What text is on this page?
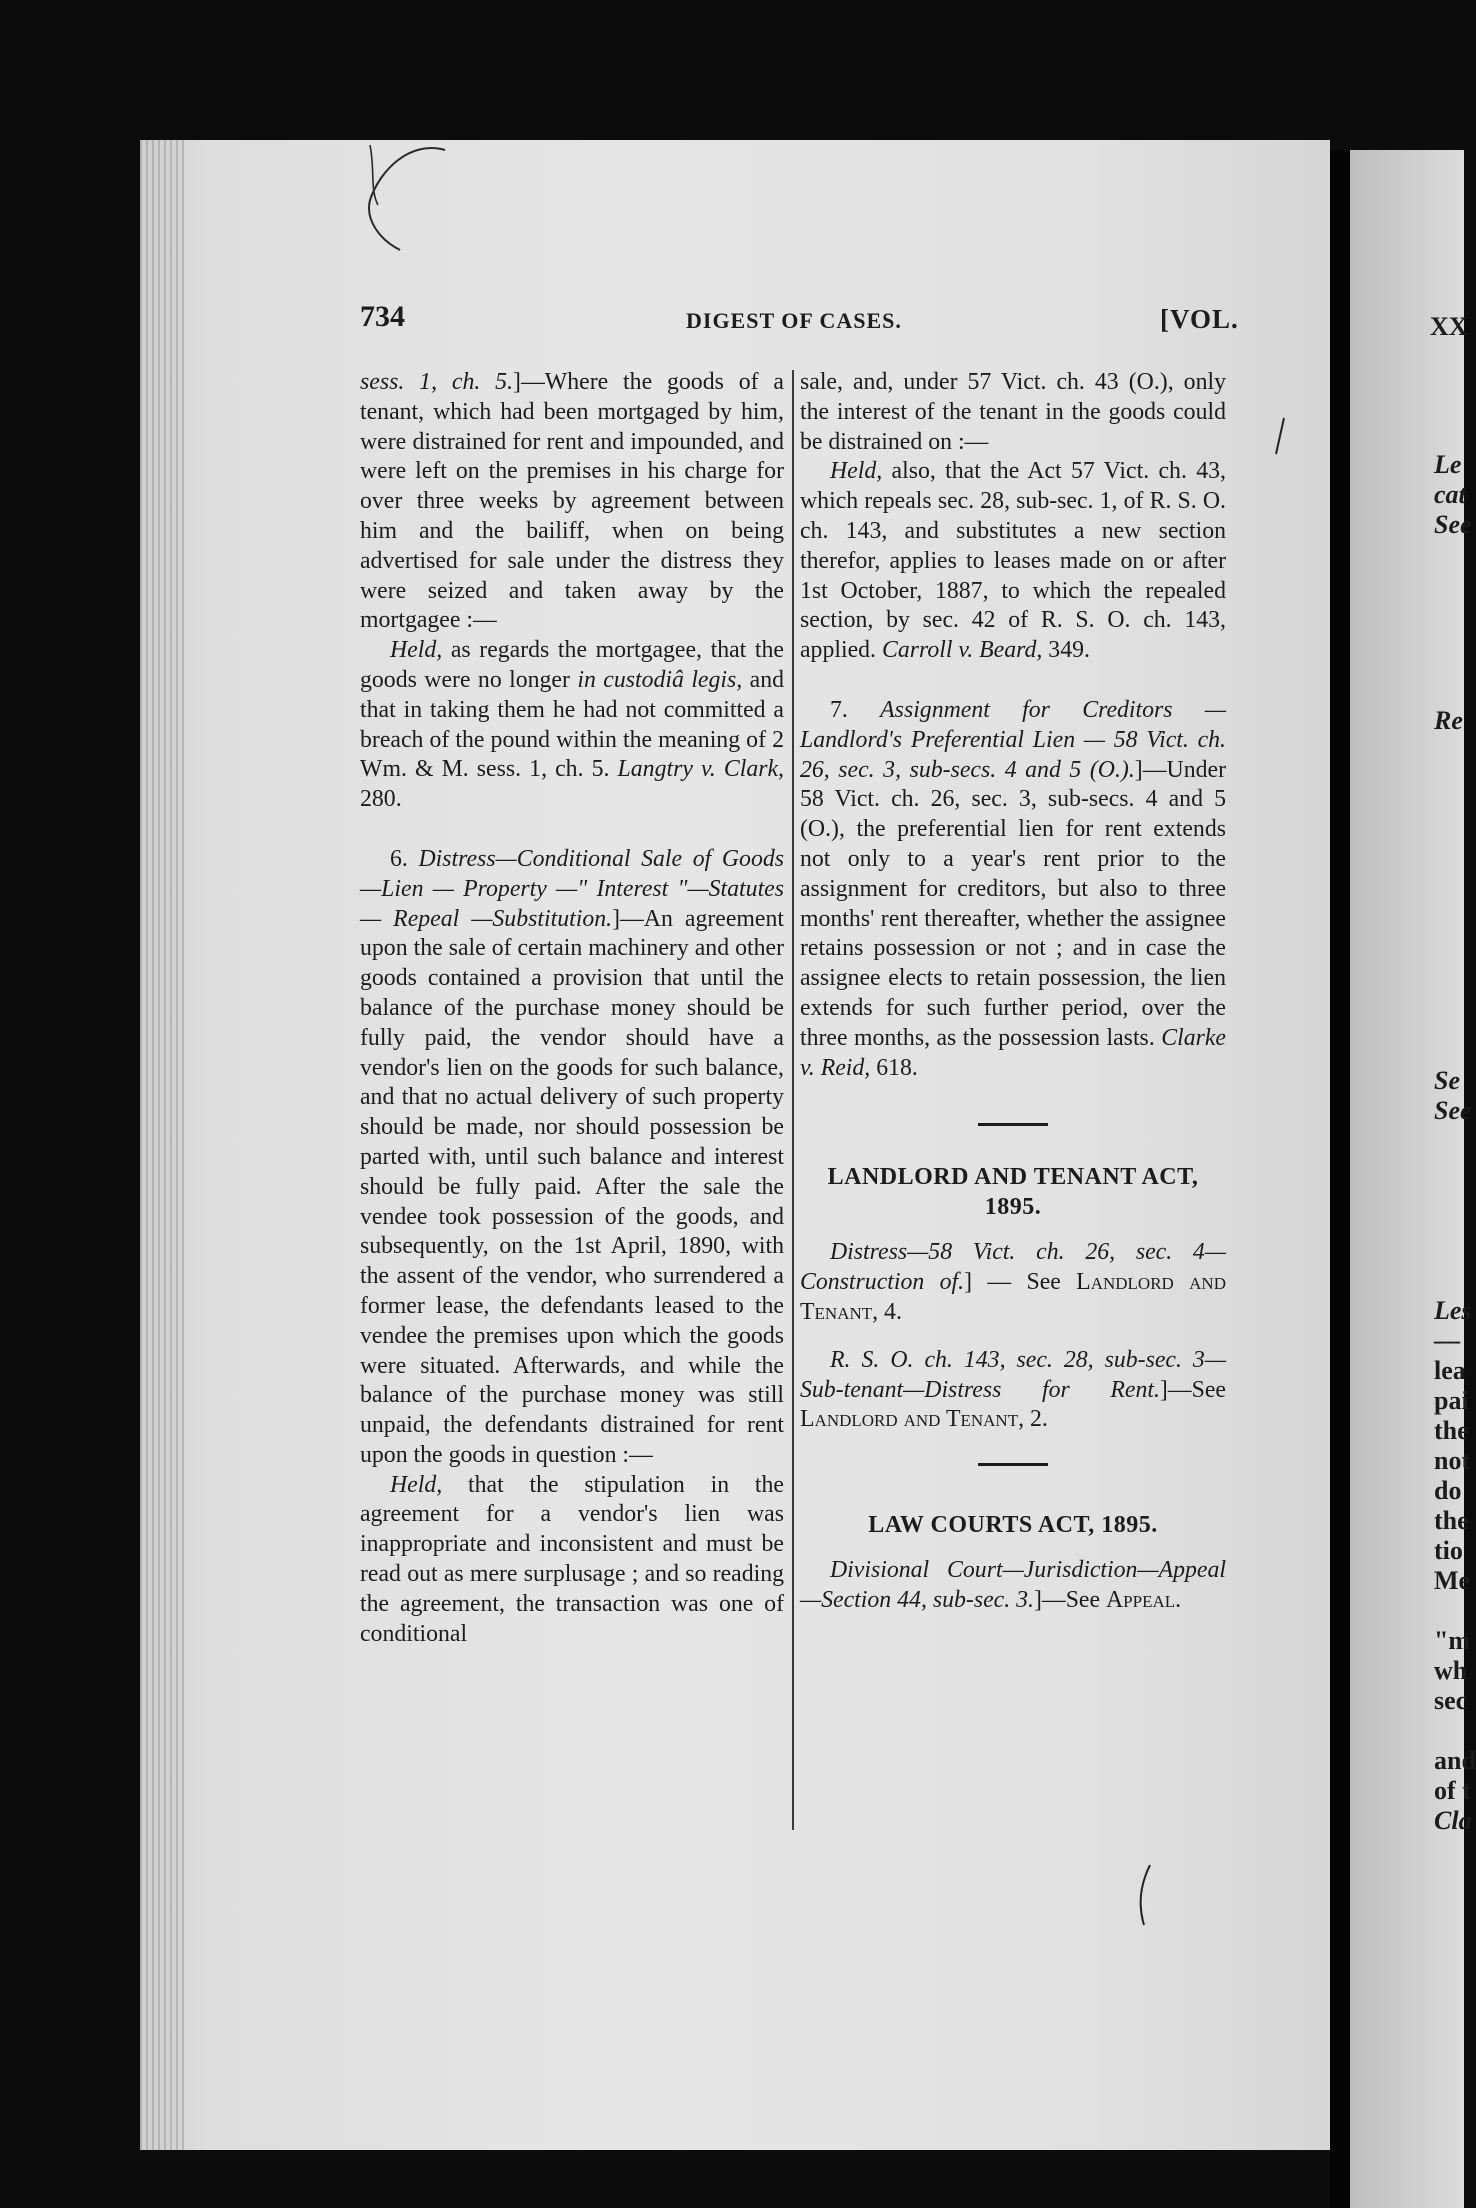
XX
Le
cat
See
Re
Se
See
Les
—
lea
pai
the
not
do
the
tio
Me
"m
wh
sec
and
of t
Cla
734	DIGEST OF CASES.	[VOL.

sess. 1, ch. 5.]—Where the goods of a tenant, which had been mortgaged by him, were distrained for rent and impounded, and were left on the premises in his charge for over three weeks by agreement between him and the bailiff, when on being advertised for sale under the distress they were seized and taken away by the mortgagee :—

Held, as regards the mortgagee, that the goods were no longer in custodiâ legis, and that in taking them he had not committed a breach of the pound within the meaning of 2 Wm. & M. sess. 1, ch. 5. Langtry v. Clark, 280.

6. Distress—Conditional Sale of Goods—Lien — Property —" Interest "—Statutes — Repeal —Substitution.]—An agreement upon the sale of certain machinery and other goods contained a provision that until the balance of the purchase money should be fully paid, the vendor should have a vendor's lien on the goods for such balance, and that no actual delivery of such property should be made, nor should possession be parted with, until such balance and interest should be fully paid. After the sale the vendee took possession of the goods, and subsequently, on the 1st April, 1890, with the assent of the vendor, who surrendered a former lease, the defendants leased to the vendee the premises upon which the goods were situated. Afterwards, and while the balance of the purchase money was still unpaid, the defendants distrained for rent upon the goods in question :—

Held, that the stipulation in the agreement for a vendor's lien was inappropriate and inconsistent and must be read out as mere surplusage ; and so reading the agreement, the transaction was one of conditional

sale, and, under 57 Vict. ch. 43 (O.), only the interest of the tenant in the goods could be distrained on :—

Held, also, that the Act 57 Vict. ch. 43, which repeals sec. 28, sub-sec. 1, of R. S. O. ch. 143, and substitutes a new section therefor, applies to leases made on or after 1st October, 1887, to which the repealed section, by sec. 42 of R. S. O. ch. 143, applied. Carroll v. Beard, 349.

7. Assignment for Creditors — Landlord's Preferential Lien — 58 Vict. ch. 26, sec. 3, sub-secs. 4 and 5 (O.).]—Under 58 Vict. ch. 26, sec. 3, sub-secs. 4 and 5 (O.), the preferential lien for rent extends not only to a year's rent prior to the assignment for creditors, but also to three months' rent thereafter, whether the assignee retains possession or not ; and in case the assignee elects to retain possession, the lien extends for such further period, over the three months, as the possession lasts. Clarke v. Reid, 618.

LANDLORD AND TENANT ACT,
1895.

Distress—58 Vict. ch. 26, sec. 4—Construction of.] — See Landlord and Tenant, 4.

R. S. O. ch. 143, sec. 28, sub-sec. 3—Sub-tenant—Distress for Rent.]—See Landlord and Tenant, 2.

LAW COURTS ACT, 1895.

Divisional Court—Jurisdiction—Appeal—Section 44, sub-sec. 3.]—See Appeal.
